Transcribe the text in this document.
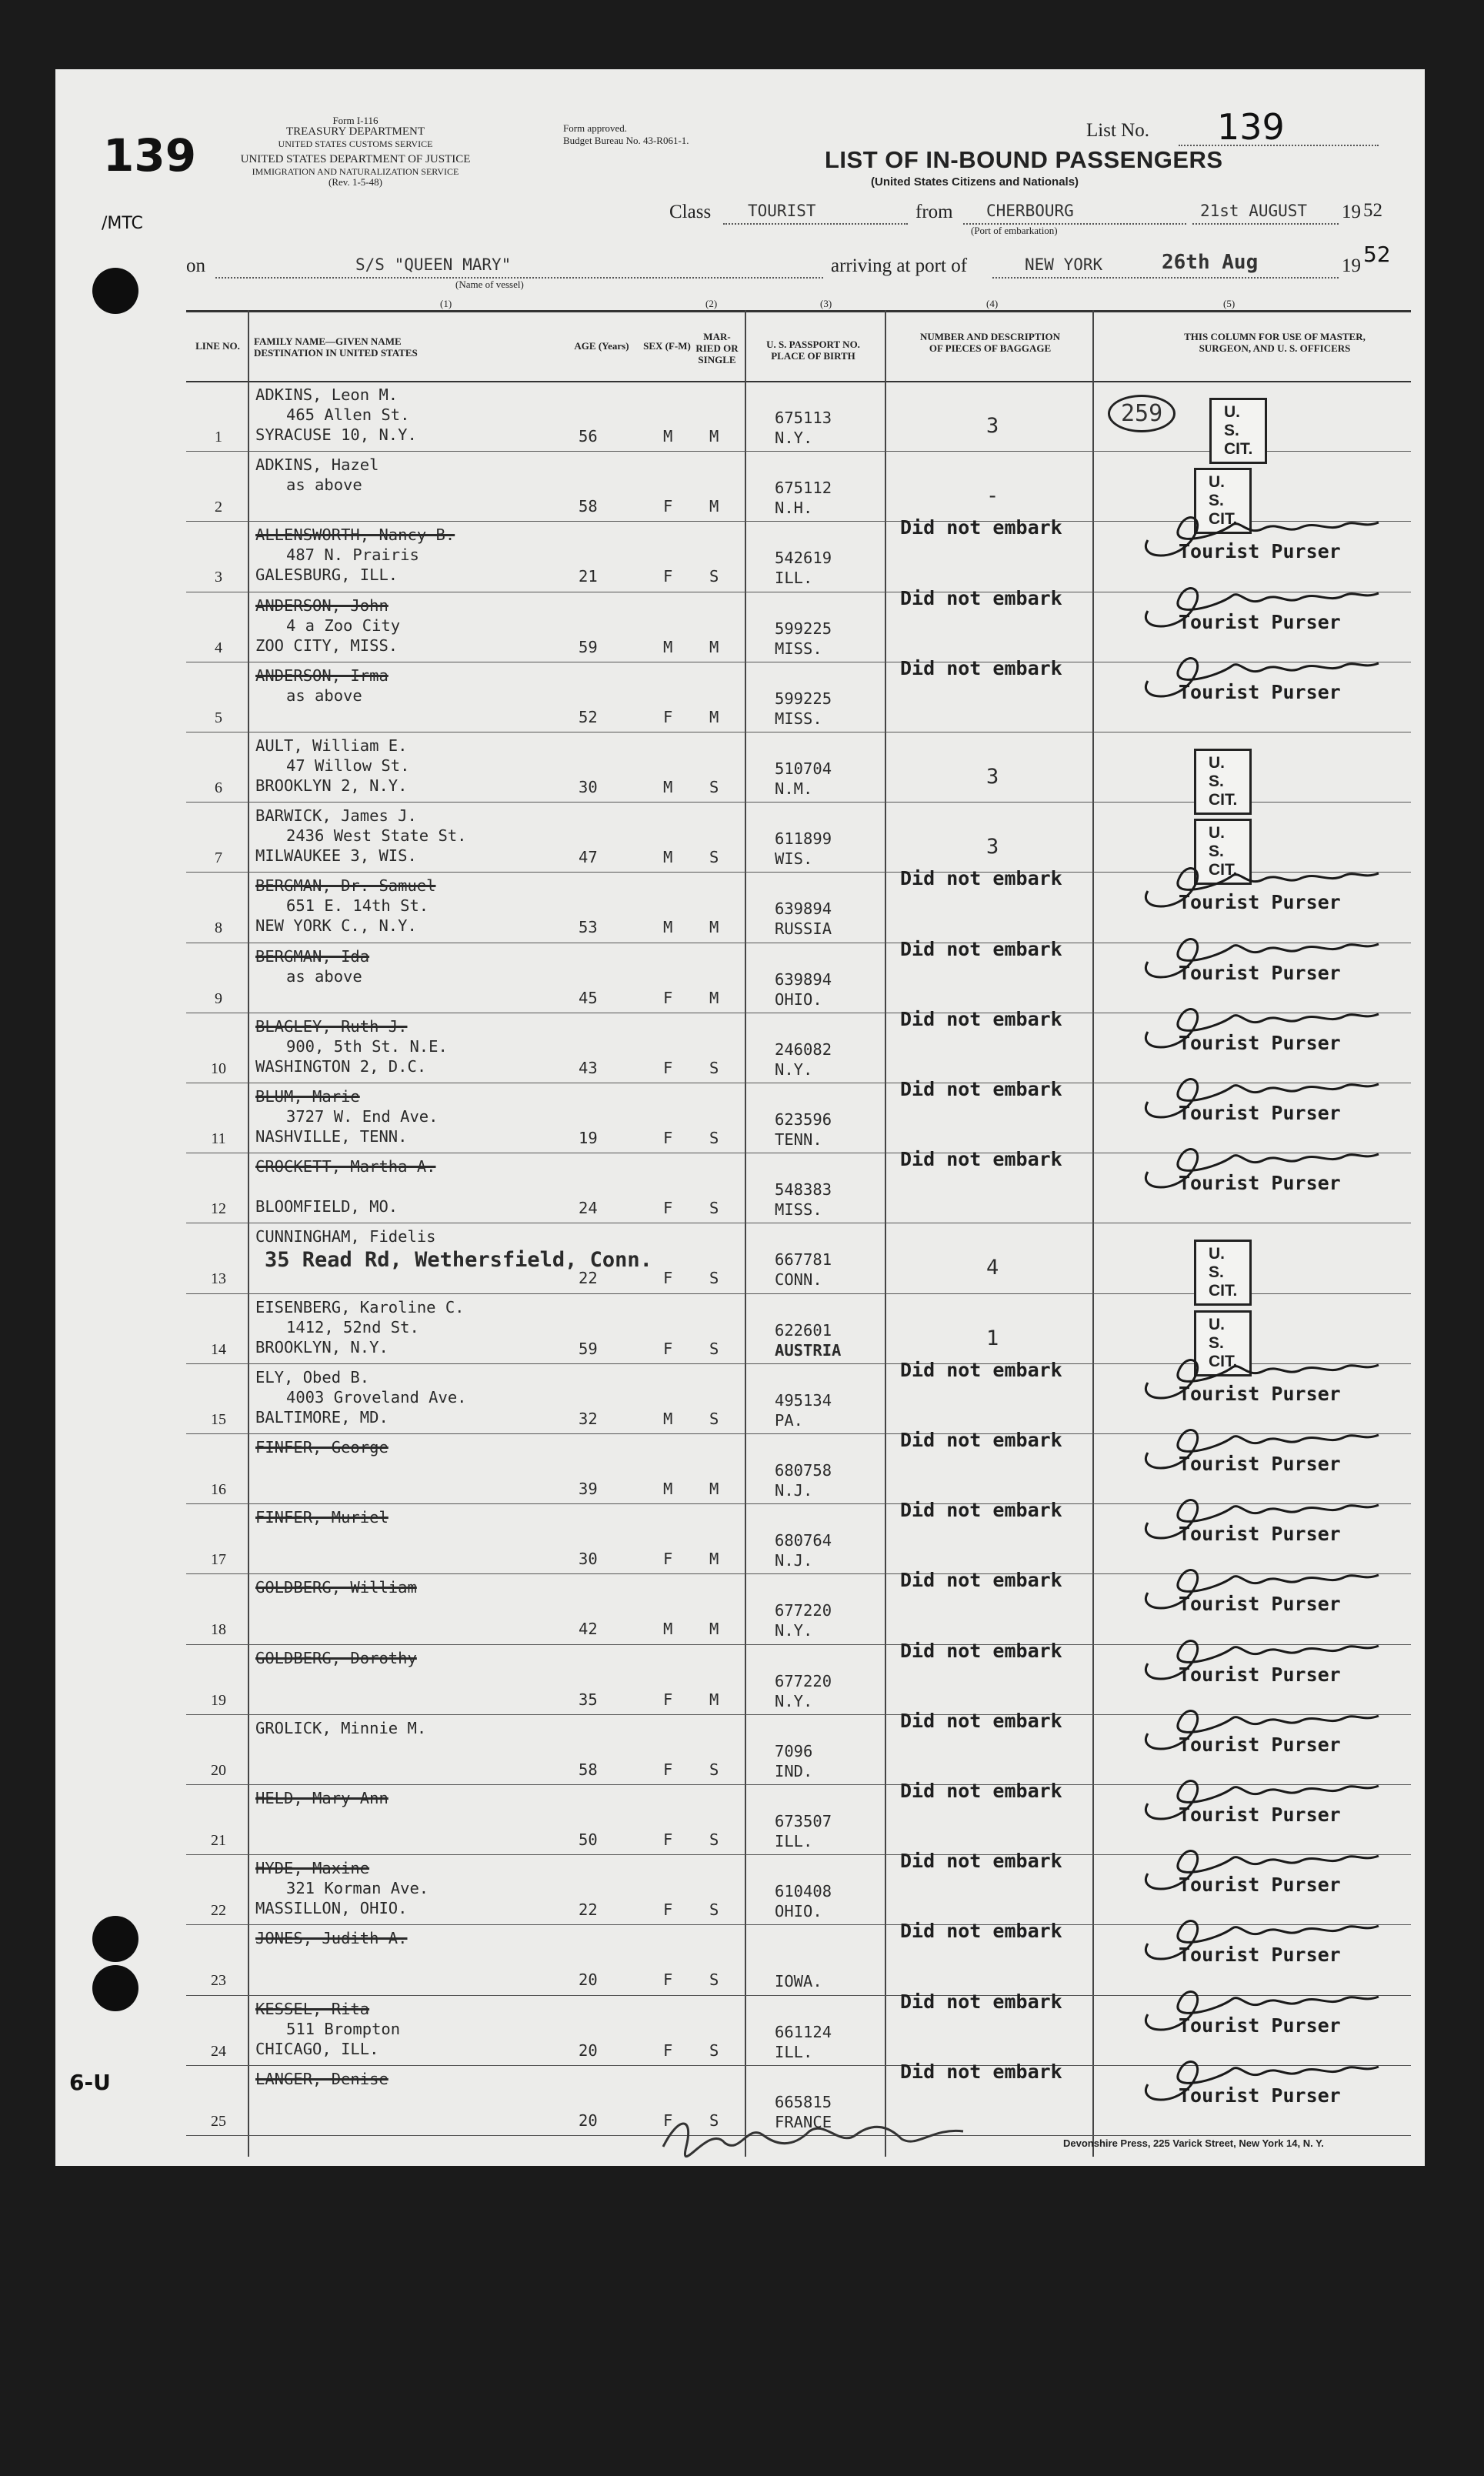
139
/MTC
6-U
Form I-116
TREASURY DEPARTMENT
UNITED STATES CUSTOMS SERVICE
UNITED STATES DEPARTMENT OF JUSTICE
IMMIGRATION AND NATURALIZATION SERVICE
(Rev. 1-5-48)
Form approved.
Budget Bureau No. 43-R061-1.	List No. 139
LIST OF IN-BOUND PASSENGERS
(United States Citizens and Nationals)
Class TOURIST	from CHERBOURG
(Port of embarkation)
21st AUGUST 19 52
on	S/S "QUEEN MARY"
(Name of vessel)
arriving at port of	NEW YORK	26th Aug	19 52
(1)	(2)	(3)	(4)	(5)
LINE NO.	FAMILY NAME—GIVEN NAME DESTINATION IN UNITED STATES
AGE (Years)	SEX (F-M)
MAR-RIED OR SINGLE
U. S. PASSPORT NO. PLACE OF BIRTH
NUMBER AND DESCRIPTION OF PIECES OF BAGGAGE
THIS COLUMN FOR USE OF MASTER, SURGEON, AND U. S. OFFICERS
1
ADKINS, Leon M.
465 Allen St.
SYRACUSE 10, N.Y.	56	M M
675113
N.Y.	3
U. S. CIT.
259
2
ADKINS, Hazel
as above
58	F M
675112
N.H.	-
U. S. CIT.
3
ALLENSWORTH, Nancy B.
487 N. Prairis
GALESBURG, ILL.	21	F S
542619
ILL.
Did not embark
Tourist Purser
4
ANDERSON, John
4 a Zoo City
ZOO CITY, MISS.	59	M M
599225
MISS.
Did not embark
Tourist Purser
5
ANDERSON, Irma
as above
52	F M
599225
MISS.
Did not embark
Tourist Purser
6
AULT, William E.
47 Willow St.
BROOKLYN 2, N.Y.	30	M S
510704
N.M.	3
U. S. CIT.
7
BARWICK, James J.
2436 West State St.
MILWAUKEE 3, WIS.	47	M S
611899
WIS.	3
U. S. CIT.
8
BERGMAN, Dr. Samuel
651 E. 14th St.
NEW YORK C., N.Y.	53	M M
639894
RUSSIA
Did not embark
Tourist Purser
9
BERGMAN, Ida
as above
45	F M
639894
OHIO.
Did not embark
Tourist Purser
10
BLAGLEY, Ruth J.
900, 5th St. N.E.
WASHINGTON 2, D.C.	43	F S
246082
N.Y.
Did not embark
Tourist Purser
11
BLUM, Marie
3727 W. End Ave.
NASHVILLE, TENN.	19	F S
623596
TENN.
Did not embark
Tourist Purser
12
CROCKETT, Martha A.
BLOOMFIELD, MO.	24	F S
548383
MISS.
Did not embark
Tourist Purser
13
CUNNINGHAM, Fidelis
35 Read Rd, Wethersfield, Conn.
22	F S
667781
CONN.	4
U. S. CIT.
14
EISENBERG, Karoline C.
1412, 52nd St.
BROOKLYN, N.Y.	59	F S
622601
AUSTRIA	1
U. S. CIT.
15
ELY, Obed B.
4003 Groveland Ave.
BALTIMORE, MD.	32	M S
495134
PA.
Did not embark
Tourist Purser
16
FINFER, George
39	M M
680758
N.J.
Did not embark
Tourist Purser
17
FINFER, Muriel
30	F M
680764
N.J.
Did not embark
Tourist Purser
18
GOLDBERG, William
42	M M
677220
N.Y.
Did not embark
Tourist Purser
19
GOLDBERG, Dorothy
35	F M
677220
N.Y.
Did not embark
Tourist Purser
20
GROLICK, Minnie M.
58	F S
7096
IND.
Did not embark
Tourist Purser
21
HELD, Mary Ann
50	F S
673507
ILL.
Did not embark
Tourist Purser
22
HYDE, Maxine
321 Korman Ave.
MASSILLON, OHIO.	22	F S
610408
OHIO.
Did not embark
Tourist Purser
23
JONES, Judith A.
20	F S	IOWA.
Did not embark
Tourist Purser
24
KESSEL, Rita
511 Brompton
CHICAGO, ILL.	20	F S
661124
ILL.
Did not embark
Tourist Purser
25
LANGER, Denise
20	F S
665815
FRANCE
Did not embark
Tourist Purser
Devonshire Press, 225 Varick Street, New York 14, N. Y.
